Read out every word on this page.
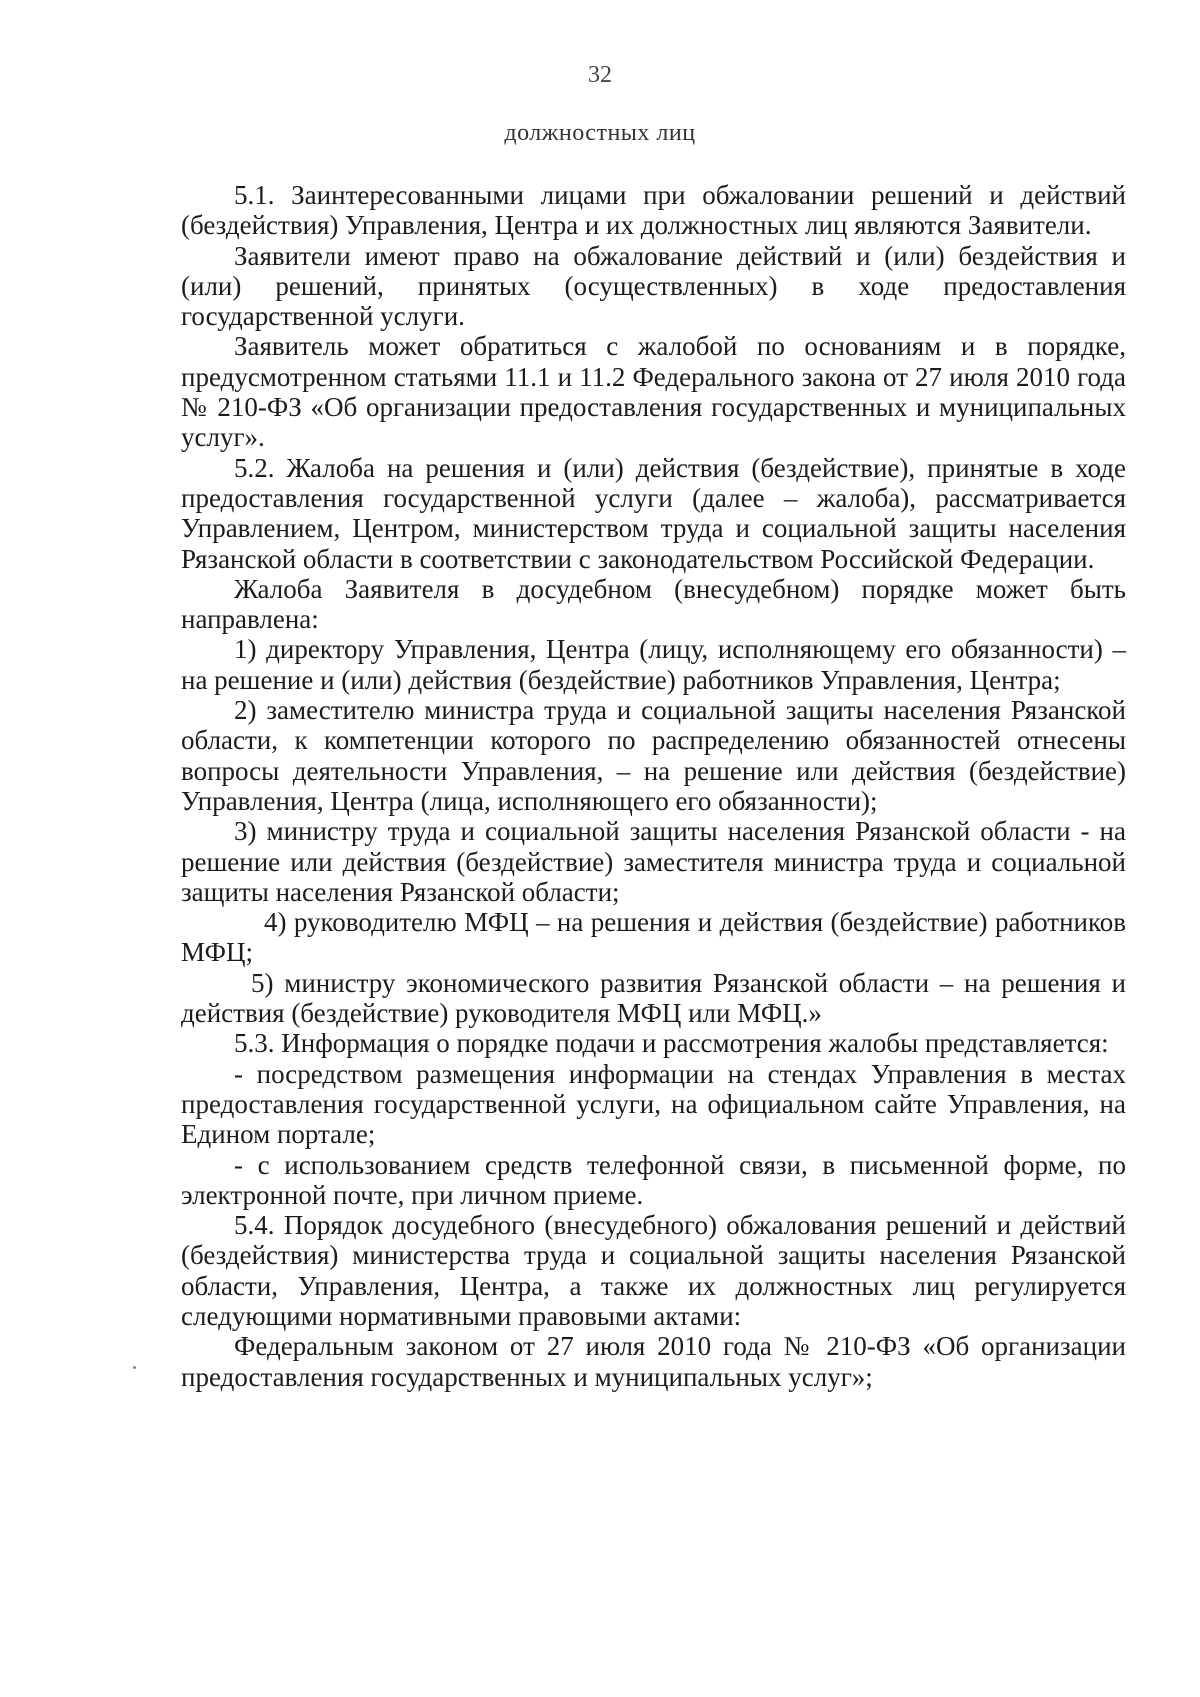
32
должностных лиц

5.1. Заинтересованными лицами при обжаловании решений и действий (бездействия) Управления, Центра и их должностных лиц являются Заявители.

Заявители имеют право на обжалование действий и (или) бездействия и (или) решений, принятых (осуществленных) в ходе предоставления государственной услуги.

Заявитель может обратиться с жалобой по основаниям и в порядке, предусмотренном статьями 11.1 и 11.2 Федерального закона от 27 июля 2010 года № 210-ФЗ «Об организации предоставления государственных и муниципальных услуг».

5.2. Жалоба на решения и (или) действия (бездействие), принятые в ходе предоставления государственной услуги (далее – жалоба), рассматривается Управлением, Центром, министерством труда и социальной защиты населения Рязанской области в соответствии с законодательством Российской Федерации.

Жалоба Заявителя в досудебном (внесудебном) порядке может быть направлена:

1) директору Управления, Центра (лицу, исполняющему его обязанности) – на решение и (или) действия (бездействие) работников Управления, Центра;

2) заместителю министра труда и социальной защиты населения Рязанской области, к компетенции которого по распределению обязанностей отнесены вопросы деятельности Управления, – на решение или действия (бездействие) Управления, Центра (лица, исполняющего его обязанности);

3) министру труда и социальной защиты населения Рязанской области - на решение или действия (бездействие) заместителя министра труда и социальной защиты населения Рязанской области;

4) руководителю МФЦ – на решения и действия (бездействие) работников МФЦ;

5) министру экономического развития Рязанской области – на решения и действия (бездействие) руководителя МФЦ или МФЦ.»

5.3. Информация о порядке подачи и рассмотрения жалобы представляется:

- посредством размещения информации на стендах Управления в местах предоставления государственной услуги, на официальном сайте Управления, на Едином портале;

- с использованием средств телефонной связи, в письменной форме, по электронной почте, при личном приеме.

5.4. Порядок досудебного (внесудебного) обжалования решений и действий (бездействия) министерства труда и социальной защиты населения Рязанской области, Управления, Центра, а также их должностных лиц регулируется следующими нормативными правовыми актами:

Федеральным законом от 27 июля 2010 года № 210-ФЗ «Об организации предоставления государственных и муниципальных услуг»;
